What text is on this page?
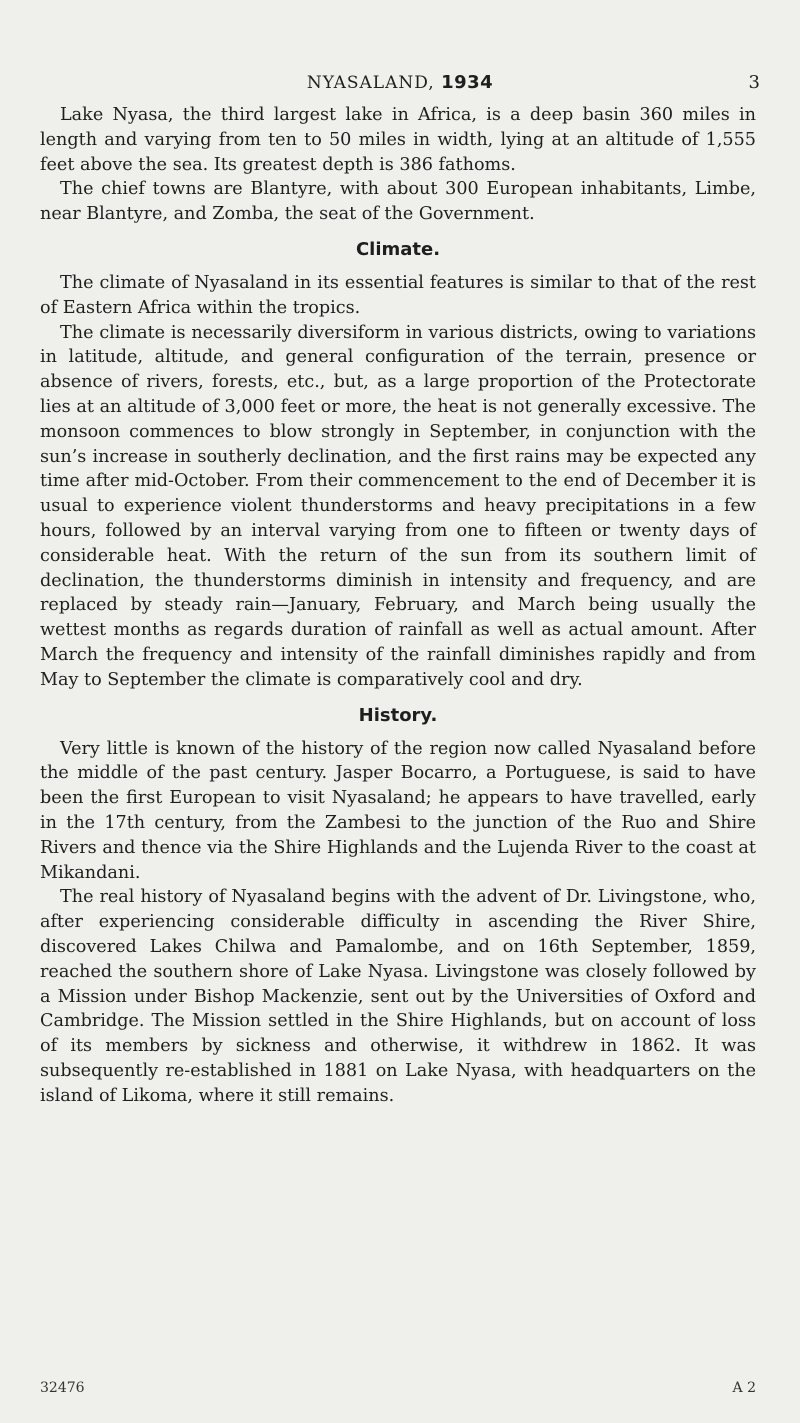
NYASALAND, 1934	3

Lake Nyasa, the third largest lake in Africa, is a deep basin 360 miles in length and varying from ten to 50 miles in width, lying at an altitude of 1,555 feet above the sea. Its greatest depth is 386 fathoms.

The chief towns are Blantyre, with about 300 European inhabitants, Limbe, near Blantyre, and Zomba, the seat of the Government.

Climate.

The climate of Nyasaland in its essential features is similar to that of the rest of Eastern Africa within the tropics.

The climate is necessarily diversiform in various districts, owing to variations in latitude, altitude, and general configuration of the terrain, presence or absence of rivers, forests, etc., but, as a large proportion of the Protectorate lies at an altitude of 3,000 feet or more, the heat is not generally excessive. The monsoon commences to blow strongly in September, in conjunction with the sun’s increase in southerly declination, and the first rains may be expected any time after mid-October. From their commencement to the end of December it is usual to experience violent thunderstorms and heavy precipitations in a few hours, followed by an interval varying from one to fifteen or twenty days of considerable heat. With the return of the sun from its southern limit of declination, the thunderstorms diminish in intensity and frequency, and are replaced by steady rain—January, February, and March being usually the wettest months as regards duration of rainfall as well as actual amount. After March the frequency and intensity of the rainfall diminishes rapidly and from May to September the climate is comparatively cool and dry.

History.

Very little is known of the history of the region now called Nyasaland before the middle of the past century. Jasper Bocarro, a Portuguese, is said to have been the first European to visit Nyasaland; he appears to have travelled, early in the 17th century, from the Zambesi to the junction of the Ruo and Shire Rivers and thence via the Shire Highlands and the Lujenda River to the coast at Mikandani.

The real history of Nyasaland begins with the advent of Dr. Livingstone, who, after experiencing considerable difficulty in ascending the River Shire, discovered Lakes Chilwa and Pamalombe, and on 16th September, 1859, reached the southern shore of Lake Nyasa. Livingstone was closely followed by a Mission under Bishop Mackenzie, sent out by the Universities of Oxford and Cambridge. The Mission settled in the Shire Highlands, but on account of loss of its members by sickness and otherwise, it withdrew in 1862. It was subsequently re-established in 1881 on Lake Nyasa, with headquarters on the island of Likoma, where it still remains.

32476	A 2
